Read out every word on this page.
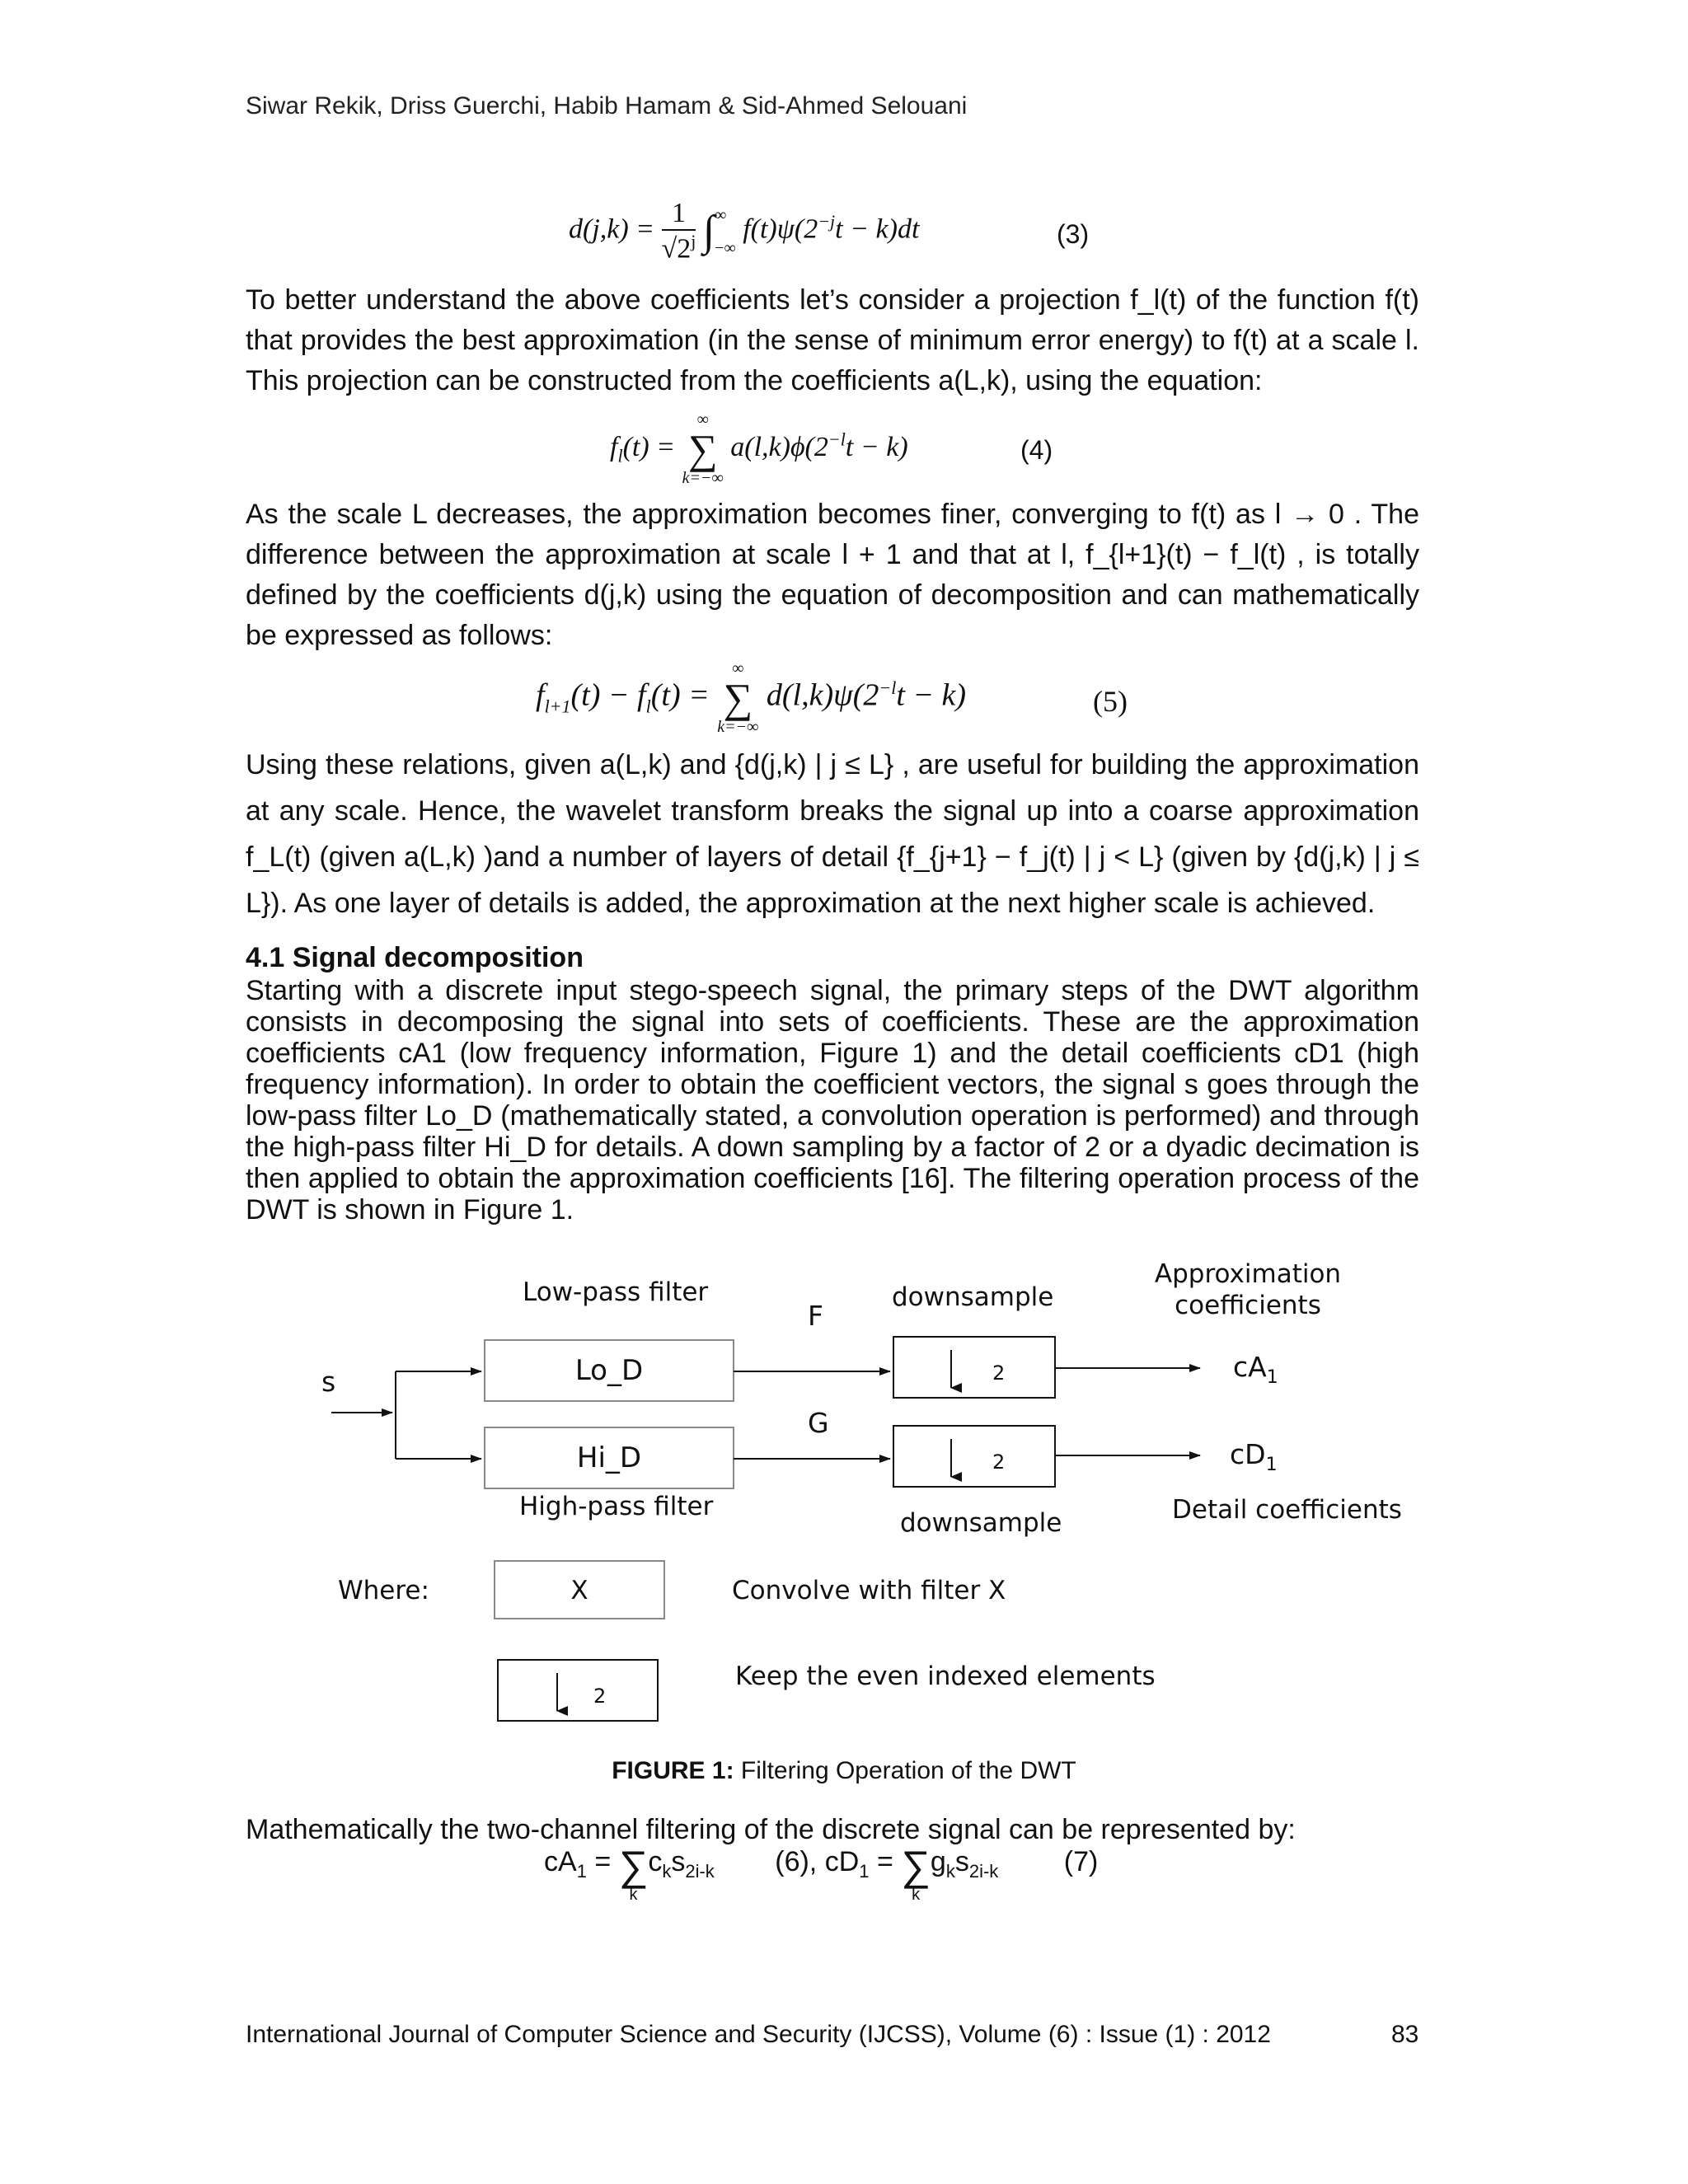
Siwar Rekik, Driss Guerchi, Habib Hamam & Sid-Ahmed Selouani
$d(j,k) = \frac{1}{√2^j}$ ∫ ∞
−∞
$f(t)\psi(2^{-j}t - k)dt$	(3)
To better understand the above coefficients let’s consider a projection f_l(t) of the function f(t) that provides the best approximation (in the sense of minimum error energy) to f(t) at a scale l. This projection can be constructed from the coefficients a(L,k), using the equation:
$f_l(t)$ =
∞
∑
k=−∞
$a(l,k)\phi(2^{-l}t - k)$	(4)
As the scale L decreases, the approximation becomes finer, converging to f(t) as l → 0 . The difference between the approximation at scale l + 1 and that at l, f_{l+1}(t) − f_l(t) , is totally defined by the coefficients d(j,k) using the equation of decomposition and can mathematically be expressed as follows:
$f_{l+1}(t) - f_l(t)$ =
∞
∑
k=−∞
$d(l,k)\psi(2^{-l}t - k)$	(5)
Using these relations, given a(L,k) and {d(j,k) | j ≤ L} , are useful for building the approximation at any scale. Hence, the wavelet transform breaks the signal up into a coarse approximation f_L(t) (given a(L,k) )and a number of layers of detail {f_{j+1} − f_j(t) | j < L} (given by {d(j,k) | j ≤ L}). As one layer of details is added, the approximation at the next higher scale is achieved.
4.1 Signal decomposition
Starting with a discrete input stego-speech signal, the primary steps of the DWT algorithm consists in decomposing the signal into sets of coefficients. These are the approximation coefficients cA1 (low frequency information, Figure 1) and the detail coefficients cD1 (high frequency information). In order to obtain the coefficient vectors, the signal s goes through the low-pass filter Lo_D (mathematically stated, a convolution operation is performed) and through the high-pass filter Hi_D for details. A down sampling by a factor of 2 or a dyadic decimation is then applied to obtain the approximation coefficients [16]. The filtering operation process of the DWT is shown in Figure 1.
Low-pass filter
High-pass filter
s	Lo_D
Hi_D
F
G
downsample
2
2
downsample
Approximation
coefficients
$cA_1$
$cD_1$
Detail coefficients
Where:	X	Convolve with filter X
2
Keep the even indexed elements
FIGURE 1: Filtering Operation of the DWT
Mathematically the two-channel filtering of the discrete signal can be represented by:
$cA_1$ = ∑
k
$c_ks_{2i-k}$ (6), $cD_1$ = ∑
k
$g_ks_{2i-k}$ (7)
International Journal of Computer Science and Security (IJCSS), Volume (6) : Issue (1) : 2012	83
